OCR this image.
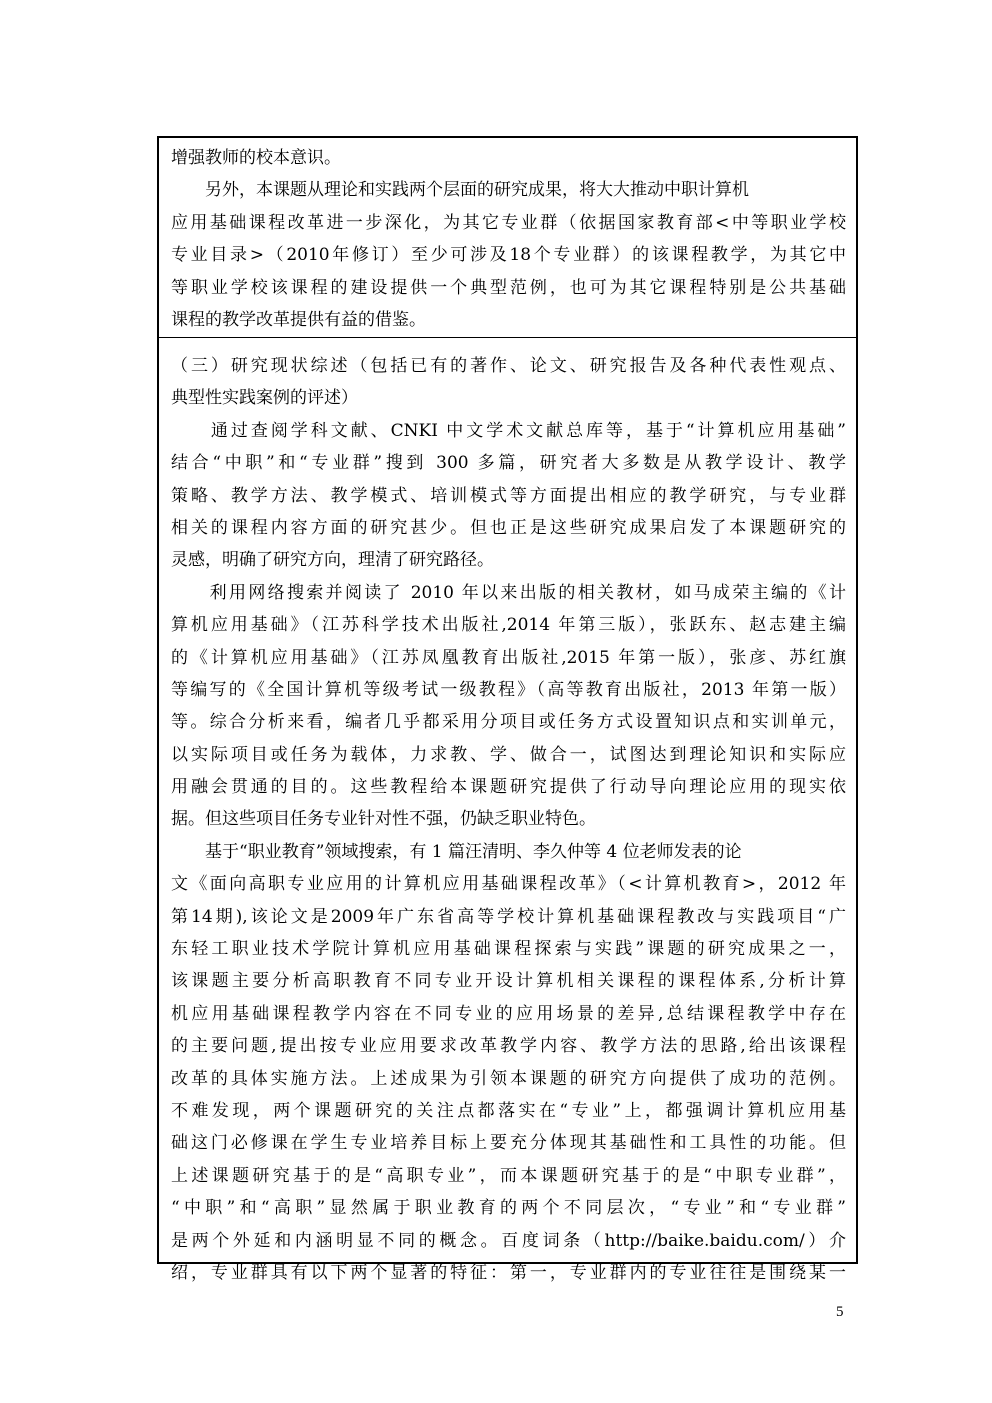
增强教师的校本意识。
　　另外，本课题从理论和实践两个层面的研究成果，将大大推动中职计算机
应用基础课程改革进一步深化，为其它专业群（依据国家教育部<中等职业学校
专业目录>（2010年修订）至少可涉及18个专业群）的该课程教学，为其它中
等职业学校该课程的建设提供一个典型范例，也可为其它课程特别是公共基础
课程的教学改革提供有益的借鉴。
（三）研究现状综述（包括已有的著作、论文、研究报告及各种代表性观点、
典型性实践案例的评述）
　　通过查阅学科文献、CNKI 中文学术文献总库等，基于“计算机应用基础”
结合“中职”和“专业群”搜到 300 多篇，研究者大多数是从教学设计、教学
策略、教学方法、教学模式、培训模式等方面提出相应的教学研究，与专业群
相关的课程内容方面的研究甚少。但也正是这些研究成果启发了本课题研究的
灵感，明确了研究方向，理清了研究路径。
　　利用网络搜索并阅读了 2010 年以来出版的相关教材，如马成荣主编的《计
算机应用基础》（江苏科学技术出版社,2014 年第三版），张跃东、赵志建主编
的《计算机应用基础》（江苏凤凰教育出版社,2015 年第一版），张彦、苏红旗
等编写的《全国计算机等级考试一级教程》（高等教育出版社，2013 年第一版）
等。综合分析来看，编者几乎都采用分项目或任务方式设置知识点和实训单元，
以实际项目或任务为载体，力求教、学、做合一，试图达到理论知识和实际应
用融会贯通的目的。这些教程给本课题研究提供了行动导向理论应用的现实依
据。但这些项目任务专业针对性不强，仍缺乏职业特色。
　　基于“职业教育”领域搜索，有 1 篇汪清明、李久仲等 4 位老师发表的论
文《面向高职专业应用的计算机应用基础课程改革》（<计算机教育>，2012 年
第14期),该论文是2009年广东省高等学校计算机基础课程教改与实践项目“广
东轻工职业技术学院计算机应用基础课程探索与实践”课题的研究成果之一，
该课题主要分析高职教育不同专业开设计算机相关课程的课程体系,分析计算
机应用基础课程教学内容在不同专业的应用场景的差异,总结课程教学中存在
的主要问题,提出按专业应用要求改革教学内容、教学方法的思路,给出该课程
改革的具体实施方法。上述成果为引领本课题的研究方向提供了成功的范例。
不难发现，两个课题研究的关注点都落实在“专业”上，都强调计算机应用基
础这门必修课在学生专业培养目标上要充分体现其基础性和工具性的功能。但
上述课题研究基于的是“高职专业”，而本课题研究基于的是“中职专业群”，
“中职”和“高职”显然属于职业教育的两个不同层次，“专业”和“专业群”
是两个外延和内涵明显不同的概念。百度词条（http://baike.baidu.com/）介
绍，专业群具有以下两个显著的特征：第一，专业群内的专业往往是围绕某一
5
